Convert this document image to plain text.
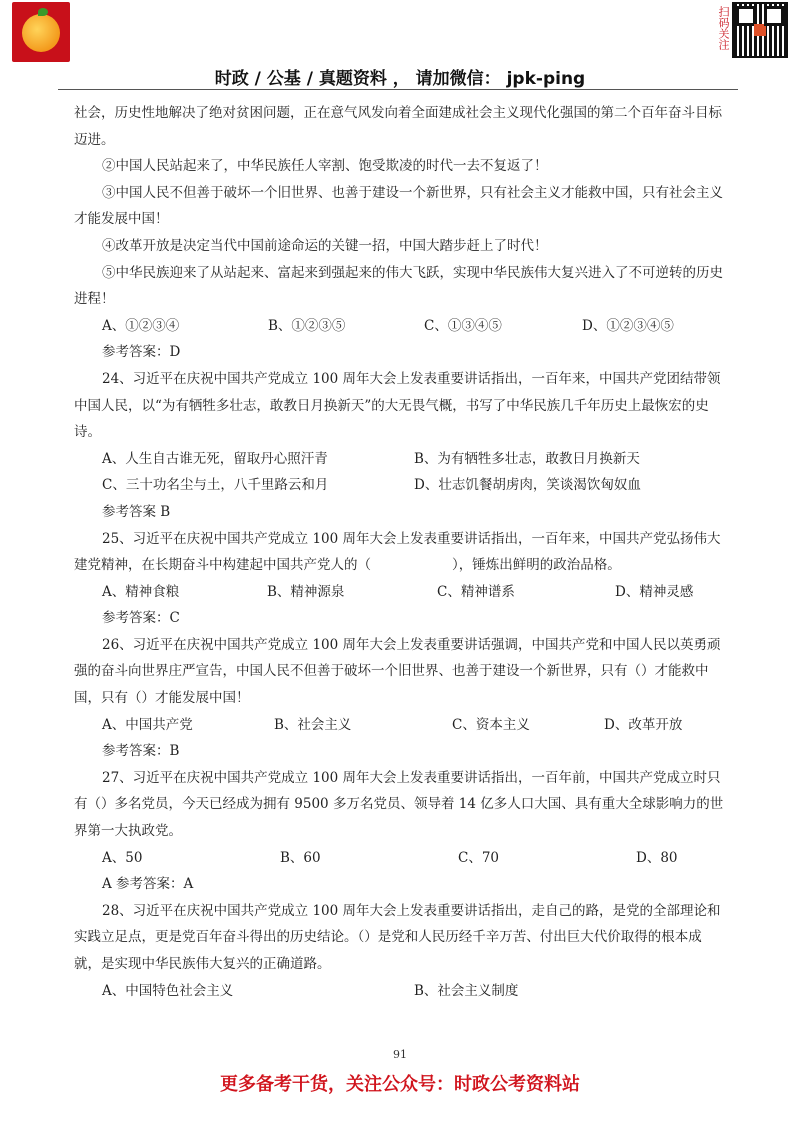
扫码关注
时政 / 公基 / 真题资料 ， 请加微信： jpk-ping

社会，历史性地解决了绝对贫困问题，正在意气风发向着全面建成社会主义现代化强国的第二个百年奋斗目标迈进。

②中国人民站起来了，中华民族任人宰割、饱受欺凌的时代一去不复返了！

③中国人民不但善于破坏一个旧世界、也善于建设一个新世界，只有社会主义才能救中国，只有社会主义才能发展中国！

④改革开放是决定当代中国前途命运的关键一招，中国大踏步赶上了时代！

⑤中华民族迎来了从站起来、富起来到强起来的伟大飞跃，实现中华民族伟大复兴进入了不可逆转的历史进程！

A、①②③④	B、①②③⑤	C、①③④⑤	D、①②③④⑤

参考答案：D

24、习近平在庆祝中国共产党成立 100 周年大会上发表重要讲话指出，一百年来，中国共产党团结带领中国人民，以“为有牺牲多壮志，敢教日月换新天”的大无畏气概，书写了中华民族几千年历史上最恢宏的史诗。

A、人生自古谁无死，留取丹心照汗青	B、为有牺牲多壮志，敢教日月换新天
C、三十功名尘与土，八千里路云和月	D、壮志饥餐胡虏肉，笑谈渴饮匈奴血

参考答案 B

25、习近平在庆祝中国共产党成立 100 周年大会上发表重要讲话指出，一百年来，中国共产党弘扬伟大建党精神，在长期奋斗中构建起中国共产党人的（　　　　　　），锤炼出鲜明的政治品格。

A、精神食粮	B、精神源泉	C、精神谱系	D、精神灵感

参考答案：C

26、习近平在庆祝中国共产党成立 100 周年大会上发表重要讲话强调，中国共产党和中国人民以英勇顽强的奋斗向世界庄严宣告，中国人民不但善于破坏一个旧世界、也善于建设一个新世界，只有（）才能救中国，只有（）才能发展中国！

A、中国共产党	B、社会主义	C、资本主义	D、改革开放

参考答案：B

27、习近平在庆祝中国共产党成立 100 周年大会上发表重要讲话指出，一百年前，中国共产党成立时只有（）多名党员，今天已经成为拥有 9500 多万名党员、领导着 14 亿多人口大国、具有重大全球影响力的世界第一大执政党。

A、50	B、60	C、70	D、80

A 参考答案：A

28、习近平在庆祝中国共产党成立 100 周年大会上发表重要讲话指出，走自己的路，是党的全部理论和实践立足点，更是党百年奋斗得出的历史结论。（）是党和人民历经千辛万苦、付出巨大代价取得的根本成就，是实现中华民族伟大复兴的正确道路。

A、中国特色社会主义	B、社会主义制度
91
更多备考干货，关注公众号：时政公考资料站
